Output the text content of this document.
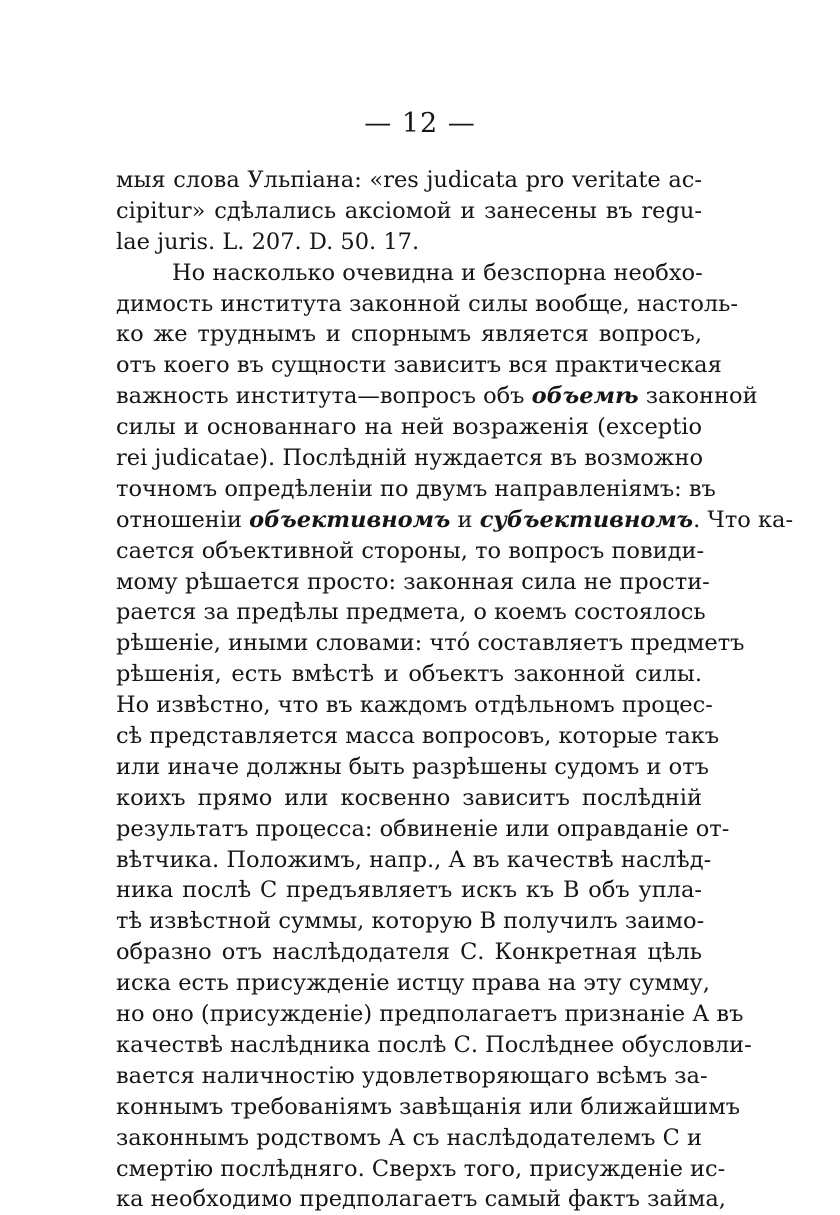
— 12 —
мыя слова Ульпіана: «res judicata pro veritate ac-
cipitur» сдѣлались аксіомой и занесены въ regu-
lae juris. L. 207. D. 50. 17.
Но насколько очевидна и безспорна необхо-
димость института законной силы вообще, настоль-
ко же труднымъ и спорнымъ является вопросъ,
отъ коего въ сущности зависитъ вся практическая
важность института—вопросъ объ объемѣ законной
силы и основаннаго на ней возраженія (exceptio
rei judicatae). Послѣдній нуждается въ возможно
точномъ опредѣленіи по двумъ направленіямъ: въ
отношеніи объективномъ и субъективномъ. Что ка-
сается объективной стороны, то вопросъ повиди-
мому рѣшается просто: законная сила не прости-
рается за предѣлы предмета, о коемъ состоялось
рѣшеніе, иными словами: что́ составляетъ предметъ
рѣшенія, есть вмѣстѣ и объектъ законной силы.
Но извѣстно, что въ каждомъ отдѣльномъ процес-
сѣ представляется масса вопросовъ, которые такъ
или иначе должны быть разрѣшены судомъ и отъ
коихъ прямо или косвенно зависитъ послѣдній
результатъ процесса: обвиненіе или оправданіе от-
вѣтчика. Положимъ, напр., А въ качествѣ наслѣд-
ника послѣ С предъявляетъ искъ къ В объ упла-
тѣ извѣстной суммы, которую В получилъ заимо-
образно отъ наслѣдодателя С. Конкретная цѣль
иска есть присужденіе истцу права на эту сумму,
но оно (присужденіе) предполагаетъ признаніе А въ
качествѣ наслѣдника послѣ С. Послѣднее обусловли-
вается наличностію удовлетворяющаго всѣмъ за-
коннымъ требованіямъ завѣщанія или ближайшимъ
законнымъ родствомъ А съ наслѣдодателемъ С и
смертію послѣдняго. Сверхъ того, присужденіе ис-
ка необходимо предполагаетъ самый фактъ займа,
